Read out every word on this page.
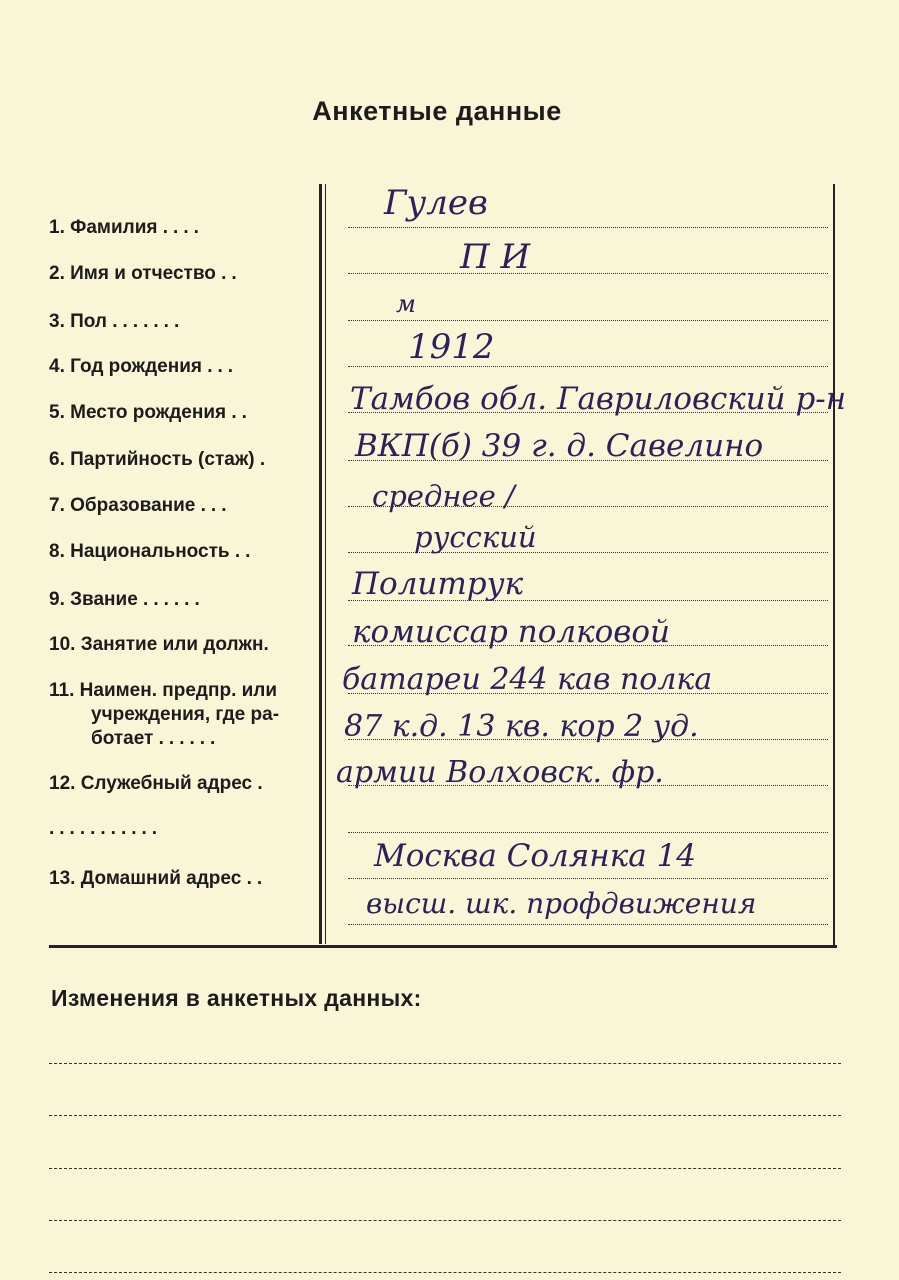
Анкетные данные
1. Фамилия ....
2. Имя и отчество ..
3. Пол .......
4. Год рождения ...
5. Место рождения ..
6. Партийность (стаж) .
7. Образование ...
8. Национальность ..
9. Звание ......
10. Занятие или должн.
11. Наимен. предпр. или
учреждения, где ра-
ботает ......
12. Служебный адрес .
...........
13. Домашний адрес ..
Гулев
П И
м
1912
Тамбов обл. Гавриловский р-н
ВКП(б) 39 г. д. Савелино
среднее /
русский
Политрук
комиссар полковой
батареи 244 кав полка
87 к.д. 13 кв. кор 2 уд.
армии Волховск. фр.
Москва Солянка 14
высш. шк. профдвижения
Изменения в анкетных данных:
